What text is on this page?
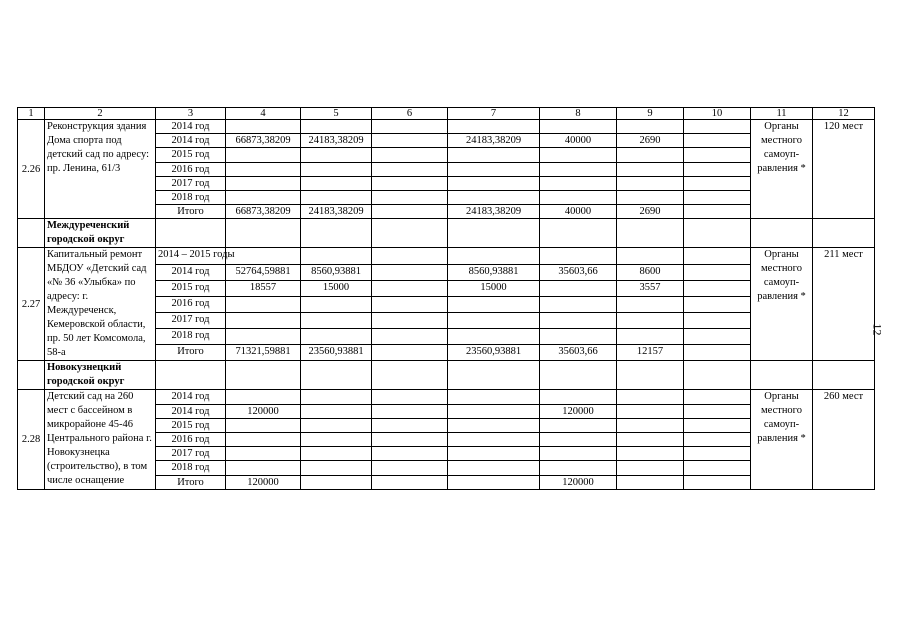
1	2	3	4	5	6	7	8	9	10	11	12
2.26	Реконструкция здания Дома спорта под детский сад по адресу: пр. Ленина, 61/3	2014 год								Органы местного самоуп-равления *	120 мест
		2014 год	66873,38209	24183,38209		24183,38209	40000	2690			
		2015 год									
		2016 год									
		2017 год									
		2018 год									
		Итого	66873,38209	24183,38209		24183,38209	40000	2690			
	Междуреченский городской округ										
2.27	Капитальный ремонт МБДОУ «Детский сад «№ 36 «Улыбка» по адресу: г. Междуреченск, Кемеровской области, пр. 50 лет Комсомола, 58-а	2014 – 2015 годы								Органы местного самоуп-равления *	211 мест
		2014 год	52764,59881	8560,93881		8560,93881	35603,66	8600			
		2015 год	18557	15000		15000		3557			
		2016 год									
		2017 год									
		2018 год									
		Итого	71321,59881	23560,93881		23560,93881	35603,66	12157			
	Новокузнецкий городской округ										
2.28	Детский сад на 260 мест с бассейном в микрорайоне 45-46 Центрального района г. Новокузнецка (строительство), в том числе оснащение	2014 год								Органы местного самоуп-равления *	260 мест
		2014 год	120000				120000				
		2015 год									
		2016 год									
		2017 год									
		2018 год									
		Итого	120000				120000				
12
